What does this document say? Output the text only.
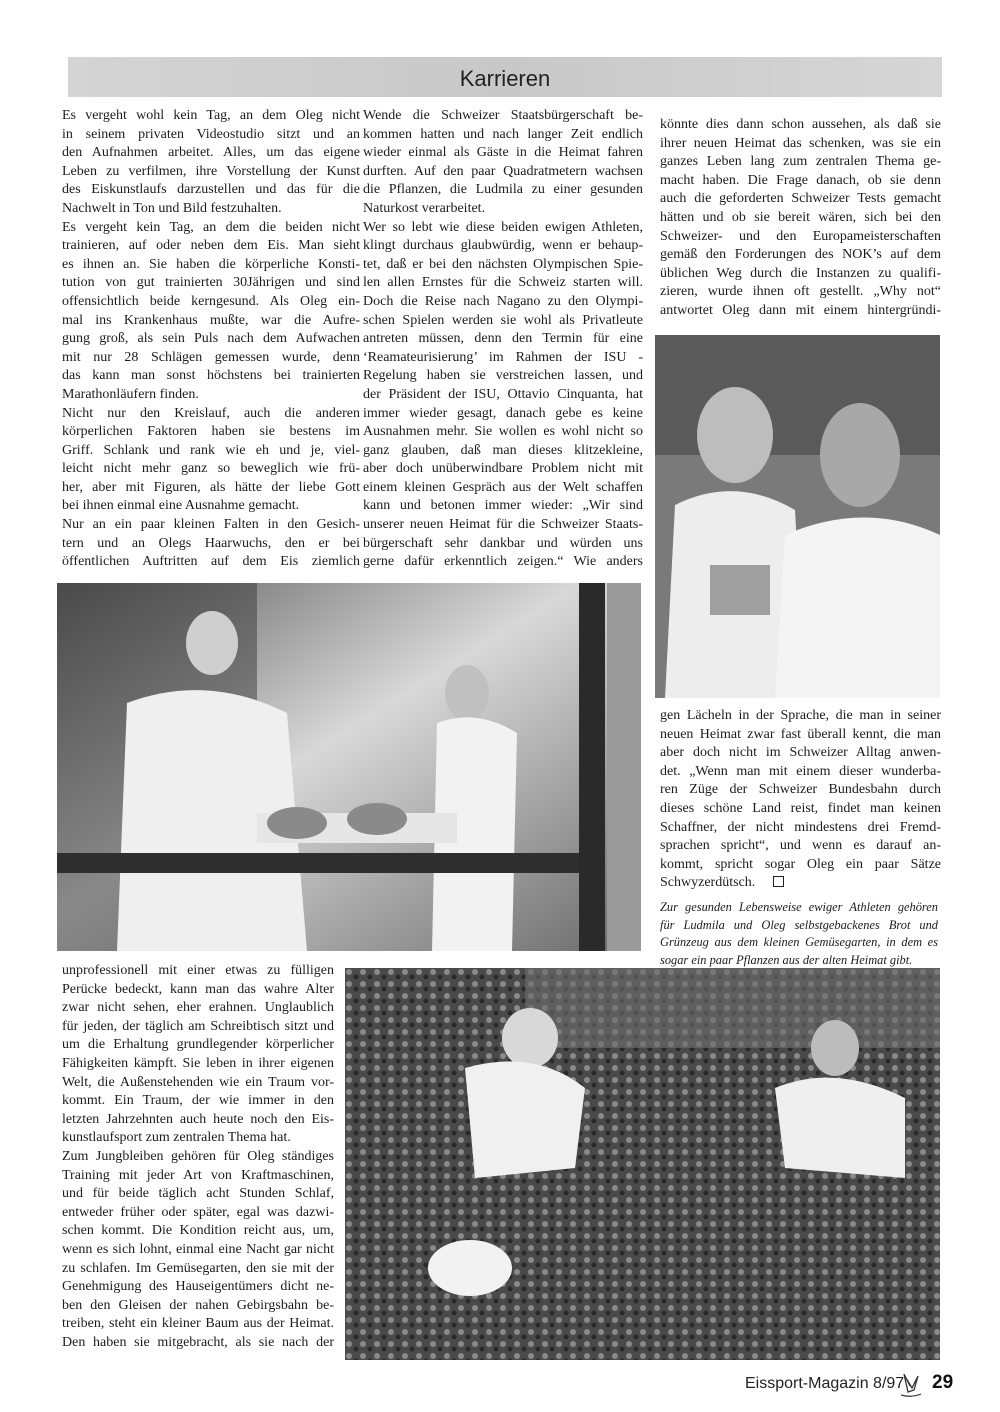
Karrieren
Es vergeht wohl kein Tag, an dem Oleg nicht
in seinem privaten Videostudio sitzt und an
den Aufnahmen arbeitet. Alles, um das eigene
Leben zu verfilmen, ihre Vorstellung der Kunst
des Eiskunstlaufs darzustellen und das für die
Nachwelt in Ton und Bild festzuhalten.
Es vergeht kein Tag, an dem die beiden nicht
trainieren, auf oder neben dem Eis. Man sieht
es ihnen an. Sie haben die körperliche Konsti-
tution von gut trainierten 30Jährigen und sind
offensichtlich beide kerngesund. Als Oleg ein-
mal ins Krankenhaus mußte, war die Aufre-
gung groß, als sein Puls nach dem Aufwachen
mit nur 28 Schlägen gemessen wurde, denn
das kann man sonst höchstens bei trainierten
Marathonläufern finden.
Nicht nur den Kreislauf, auch die anderen
körperlichen Faktoren haben sie bestens im
Griff. Schlank und rank wie eh und je, viel-
leicht nicht mehr ganz so beweglich wie frü-
her, aber mit Figuren, als hätte der liebe Gott
bei ihnen einmal eine Ausnahme gemacht.
Nur an ein paar kleinen Falten in den Gesich-
tern und an Olegs Haarwuchs, den er bei
öffentlichen Auftritten auf dem Eis ziemlich
Wende die Schweizer Staatsbürgerschaft be-
kommen hatten und nach langer Zeit endlich
wieder einmal als Gäste in die Heimat fahren
durften. Auf den paar Quadratmetern wachsen
die Pflanzen, die Ludmila zu einer gesunden
Naturkost verarbeitet.
Wer so lebt wie diese beiden ewigen Athleten,
klingt durchaus glaubwürdig, wenn er behaup-
tet, daß er bei den nächsten Olympischen Spie-
len allen Ernstes für die Schweiz starten will.
Doch die Reise nach Nagano zu den Olympi-
schen Spielen werden sie wohl als Privatleute
antreten müssen, denn den Termin für eine
‘Reamateurisierung’ im Rahmen der ISU -
Regelung haben sie verstreichen lassen, und
der Präsident der ISU, Ottavio Cinquanta, hat
immer wieder gesagt, danach gebe es keine
Ausnahmen mehr. Sie wollen es wohl nicht so
ganz glauben, daß man dieses klitzekleine,
aber doch unüberwindbare Problem nicht mit
einem kleinen Gespräch aus der Welt schaffen
kann und betonen immer wieder: „Wir sind
unserer neuen Heimat für die Schweizer Staats-
bürgerschaft sehr dankbar und würden uns
gerne dafür erkenntlich zeigen.“ Wie anders
könnte dies dann schon aussehen, als daß sie
ihrer neuen Heimat das schenken, was sie ein
ganzes Leben lang zum zentralen Thema ge-
macht haben. Die Frage danach, ob sie denn
auch die geforderten Schweizer Tests gemacht
hätten und ob sie bereit wären, sich bei den
Schweizer- und den Europameisterschaften
gemäß den Forderungen des NOK’s auf dem
üblichen Weg durch die Instanzen zu qualifi-
zieren, wurde ihnen oft gestellt. „Why not“
antwortet Oleg dann mit einem hintergründi-
gen Lächeln in der Sprache, die man in seiner
neuen Heimat zwar fast überall kennt, die man
aber doch nicht im Schweizer Alltag anwen-
det. „Wenn man mit einem dieser wunderba-
ren Züge der Schweizer Bundesbahn durch
dieses schöne Land reist, findet man keinen
Schaffner, der nicht mindestens drei Fremd-
sprachen spricht“, und wenn es darauf an-
kommt, spricht sogar Oleg ein paar Sätze
Schwyzerdütsch.
unprofessionell mit einer etwas zu fülligen
Perücke bedeckt, kann man das wahre Alter
zwar nicht sehen, eher erahnen. Unglaublich
für jeden, der täglich am Schreibtisch sitzt und
um die Erhaltung grundlegender körperlicher
Fähigkeiten kämpft. Sie leben in ihrer eigenen
Welt, die Außenstehenden wie ein Traum vor-
kommt. Ein Traum, der wie immer in den
letzten Jahrzehnten auch heute noch den Eis-
kunstlaufsport zum zentralen Thema hat.
Zum Jungbleiben gehören für Oleg ständiges
Training mit jeder Art von Kraftmaschinen,
und für beide täglich acht Stunden Schlaf,
entweder früher oder später, egal was dazwi-
schen kommt. Die Kondition reicht aus, um,
wenn es sich lohnt, einmal eine Nacht gar nicht
zu schlafen. Im Gemüsegarten, den sie mit der
Genehmigung des Hauseigentümers dicht ne-
ben den Gleisen der nahen Gebirgsbahn be-
treiben, steht ein kleiner Baum aus der Heimat.
Den haben sie mitgebracht, als sie nach der
Zur gesunden Lebensweise ewiger Athleten gehören
für Ludmila und Oleg selbstgebackenes Brot und
Grünzeug aus dem kleinen Gemüsegarten, in dem es
sogar ein paar Pflanzen aus der alten Heimat gibt.
Eissport-Magazin 8/97 29
